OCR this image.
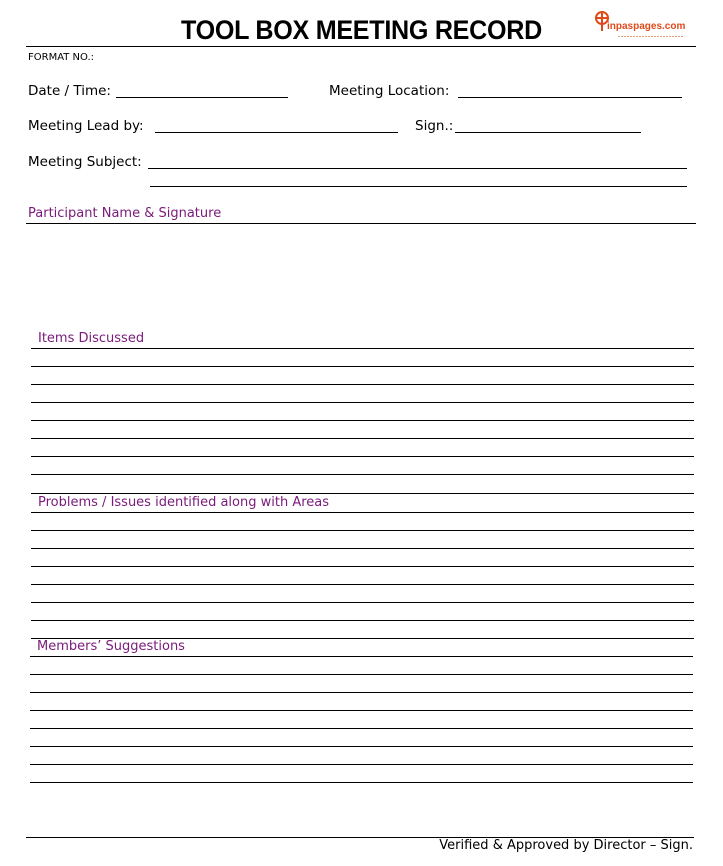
TOOL BOX MEETING RECORD	inpaspages.com
FORMAT NO.:
Date / Time:	Meeting Location:
Meeting Lead by:	Sign.:
Meeting Subject:
Participant Name & Signature
Items Discussed
Problems / Issues identified along with Areas
Members’ Suggestions
Verified & Approved by Director – Sign.
